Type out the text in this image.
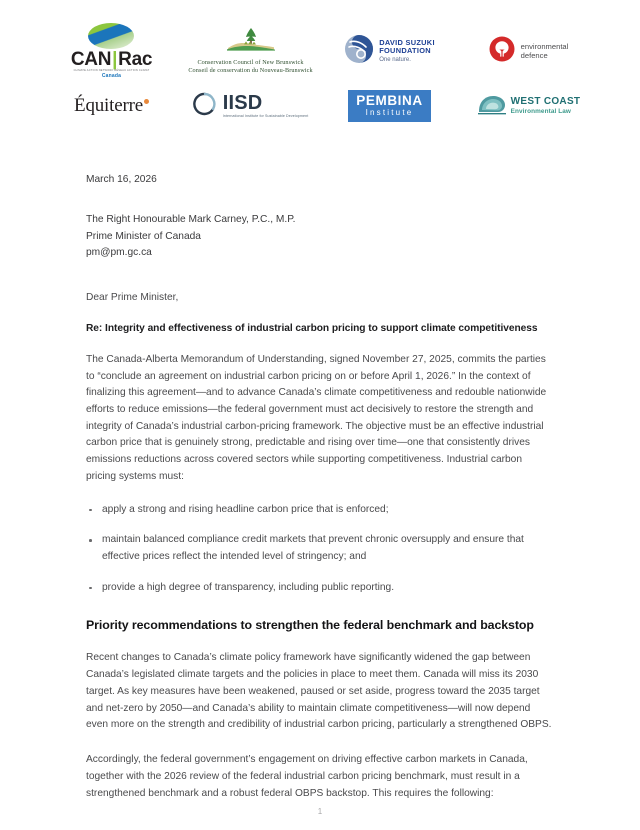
CAN|Rac
CLIMATE ACTION NETWORK RÉSEAU ACTION CLIMAT
Canada
Conservation Council of New Brunswick
Conseil de conservation du Nouveau-Brunswick
DAVID SUZUKI
FOUNDATION
One nature.
environmental
defence
Équiterre	IISD
International Institute for Sustainable Development
PEMBINA
Institute
WEST COAST
Environmental Law
March 16, 2026
The Right Honourable Mark Carney, P.C., M.P.
Prime Minister of Canada
pm@pm.gc.ca
Dear Prime Minister,
Re: Integrity and effectiveness of industrial carbon pricing to support climate competitiveness
The Canada-Alberta Memorandum of Understanding, signed November 27, 2025, commits the parties to “conclude an agreement on industrial carbon pricing on or before April 1, 2026.” In the context of finalizing this agreement—and to advance Canada’s climate competitiveness and redouble nationwide efforts to reduce emissions—the federal government must act decisively to restore the strength and integrity of Canada’s industrial carbon-pricing framework. The objective must be an effective industrial carbon price that is genuinely strong, predictable and rising over time—one that consistently drives emissions reductions across covered sectors while supporting competitiveness. Industrial carbon pricing systems must:
apply a strong and rising headline carbon price that is enforced;
maintain balanced compliance credit markets that prevent chronic oversupply and ensure that effective prices reflect the intended level of stringency; and
provide a high degree of transparency, including public reporting.
Priority recommendations to strengthen the federal benchmark and backstop
Recent changes to Canada’s climate policy framework have significantly widened the gap between Canada’s legislated climate targets and the policies in place to meet them. Canada will miss its 2030 target. As key measures have been weakened, paused or set aside, progress toward the 2035 target and net-zero by 2050—and Canada’s ability to maintain climate competitiveness—will now depend even more on the strength and credibility of industrial carbon pricing, particularly a strengthened OBPS.
Accordingly, the federal government’s engagement on driving effective carbon markets in Canada, together with the 2026 review of the federal industrial carbon pricing benchmark, must result in a strengthened benchmark and a robust federal OBPS backstop. This requires the following:
1
